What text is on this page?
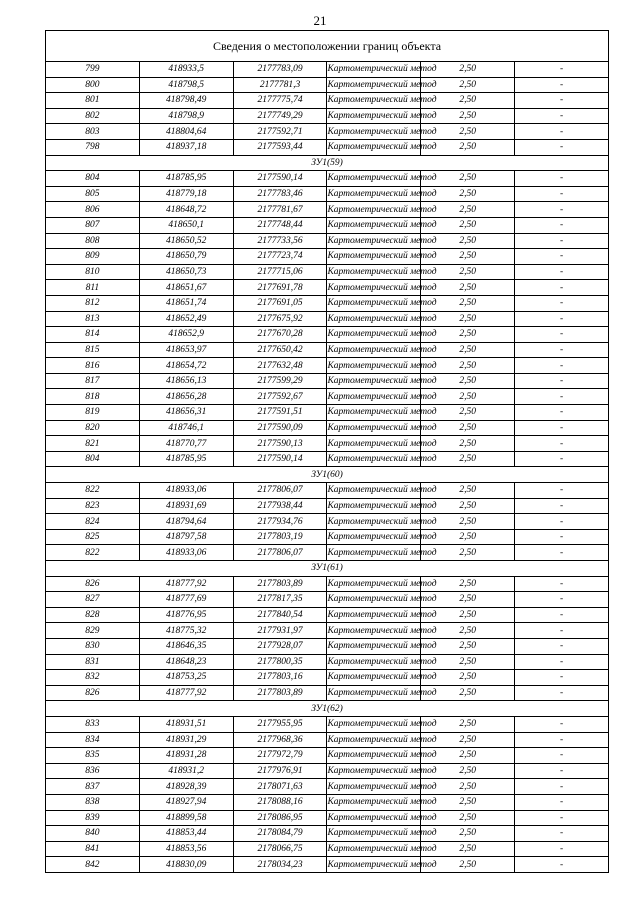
21
Сведения о местоположении границ объекта					
799	418933,5	2177783,09	Картометрический метод	2,50	-
800	418798,5	2177781,3	Картометрический метод	2,50	-
801	418798,49	2177775,74	Картометрический метод	2,50	-
802	418798,9	2177749,29	Картометрический метод	2,50	-
803	418804,64	2177592,71	Картометрический метод	2,50	-
798	418937,18	2177593,44	Картометрический метод	2,50	-
ЗУ1(59)					
804	418785,95	2177590,14	Картометрический метод	2,50	-
805	418779,18	2177783,46	Картометрический метод	2,50	-
806	418648,72	2177781,67	Картометрический метод	2,50	-
807	418650,1	2177748,44	Картометрический метод	2,50	-
808	418650,52	2177733,56	Картометрический метод	2,50	-
809	418650,79	2177723,74	Картометрический метод	2,50	-
810	418650,73	2177715,06	Картометрический метод	2,50	-
811	418651,67	2177691,78	Картометрический метод	2,50	-
812	418651,74	2177691,05	Картометрический метод	2,50	-
813	418652,49	2177675,92	Картометрический метод	2,50	-
814	418652,9	2177670,28	Картометрический метод	2,50	-
815	418653,97	2177650,42	Картометрический метод	2,50	-
816	418654,72	2177632,48	Картометрический метод	2,50	-
817	418656,13	2177599,29	Картометрический метод	2,50	-
818	418656,28	2177592,67	Картометрический метод	2,50	-
819	418656,31	2177591,51	Картометрический метод	2,50	-
820	418746,1	2177590,09	Картометрический метод	2,50	-
821	418770,77	2177590,13	Картометрический метод	2,50	-
804	418785,95	2177590,14	Картометрический метод	2,50	-
ЗУ1(60)					
822	418933,06	2177806,07	Картометрический метод	2,50	-
823	418931,69	2177938,44	Картометрический метод	2,50	-
824	418794,64	2177934,76	Картометрический метод	2,50	-
825	418797,58	2177803,19	Картометрический метод	2,50	-
822	418933,06	2177806,07	Картометрический метод	2,50	-
ЗУ1(61)					
826	418777,92	2177803,89	Картометрический метод	2,50	-
827	418777,69	2177817,35	Картометрический метод	2,50	-
828	418776,95	2177840,54	Картометрический метод	2,50	-
829	418775,32	2177931,97	Картометрический метод	2,50	-
830	418646,35	2177928,07	Картометрический метод	2,50	-
831	418648,23	2177800,35	Картометрический метод	2,50	-
832	418753,25	2177803,16	Картометрический метод	2,50	-
826	418777,92	2177803,89	Картометрический метод	2,50	-
ЗУ1(62)					
833	418931,51	2177955,95	Картометрический метод	2,50	-
834	418931,29	2177968,36	Картометрический метод	2,50	-
835	418931,28	2177972,79	Картометрический метод	2,50	-
836	418931,2	2177976,91	Картометрический метод	2,50	-
837	418928,39	2178071,63	Картометрический метод	2,50	-
838	418927,94	2178088,16	Картометрический метод	2,50	-
839	418899,58	2178086,95	Картометрический метод	2,50	-
840	418853,44	2178084,79	Картометрический метод	2,50	-
841	418853,56	2178066,75	Картометрический метод	2,50	-
842	418830,09	2178034,23	Картометрический метод	2,50	-
